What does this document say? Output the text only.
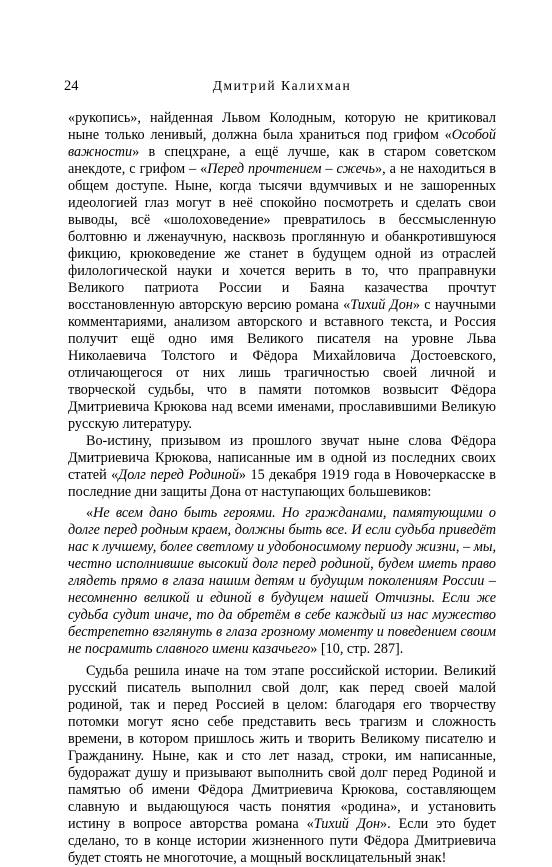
24	Дмитрий Калихман

«рукопись», найденная Львом Колодным, которую не критиковал ныне только ленивый, должна была храниться под грифом «Особой важности» в спецхране, а ещё лучше, как в старом советском анекдоте, с грифом – «Перед прочтением – сжечь», а не находиться в общем доступе. Ныне, когда тысячи вдумчивых и не зашоренных идеологией глаз могут в неё спокойно посмотреть и сделать свои выводы, всё «шолоховедение» превратилось в бессмысленную болтовню и лженаучную, насквозь проглянную и обанкротившуюся фикцию, крюковедение же станет в будущем одной из отраслей филологической науки и хочется верить в то, что праправнуки Великого патриота России и Баяна казачества прочтут восстановленную авторскую версию романа «Тихий Дон» с научными комментариями, анализом авторского и вставного текста, и Россия получит ещё одно имя Великого писателя на уровне Льва Николаевича Толстого и Фёдора Михайловича Достоевского, отличающегося от них лишь трагичностью своей личной и творческой судьбы, что в памяти потомков возвысит Фёдора Дмитриевича Крюкова над всеми именами, прославившими Великую русскую литературу.

Во-истину, призывом из прошлого звучат ныне слова Фёдора Дмитриевича Крюкова, написанные им в одной из последних своих статей «Долг перед Родиной» 15 декабря 1919 года в Новочеркасске в последние дни защиты Дона от наступающих большевиков:

«Не всем дано быть героями. Но гражданами, памятующими о долге перед родным краем, должны быть все. И если судьба приведёт нас к лучшему, более светлому и удобоносимому периоду жизни, – мы, честно исполнившие высокий долг перед родиной, будем иметь право глядеть прямо в глаза нашим детям и будущим поколениям России – несомненно великой и единой в будущем нашей Отчизны. Если же судьба судит иначе, то да обретём в себе каждый из нас мужество бестрепетно взглянуть в глаза грозному моменту и поведением своим не посрамить славного имени казачьего» [10, стр. 287].

Судьба решила иначе на том этапе российской истории. Великий русский писатель выполнил свой долг, как перед своей малой родиной, так и перед Россией в целом: благодаря его творчеству потомки могут ясно себе представить весь трагизм и сложность времени, в котором пришлось жить и творить Великому писателю и Гражданину. Ныне, как и сто лет назад, строки, им написанные, будоражат душу и призывают выполнить свой долг перед Родиной и памятью об имени Фёдора Дмитриевича Крюкова, составляющем славную и выдающуюся часть понятия «родина», и установить истину в вопросе авторства романа «Тихий Дон». Если это будет сделано, то в конце истории жизненного пути Фёдора Дмитриевича будет стоять не многоточие, а мощный восклицательный знак!
